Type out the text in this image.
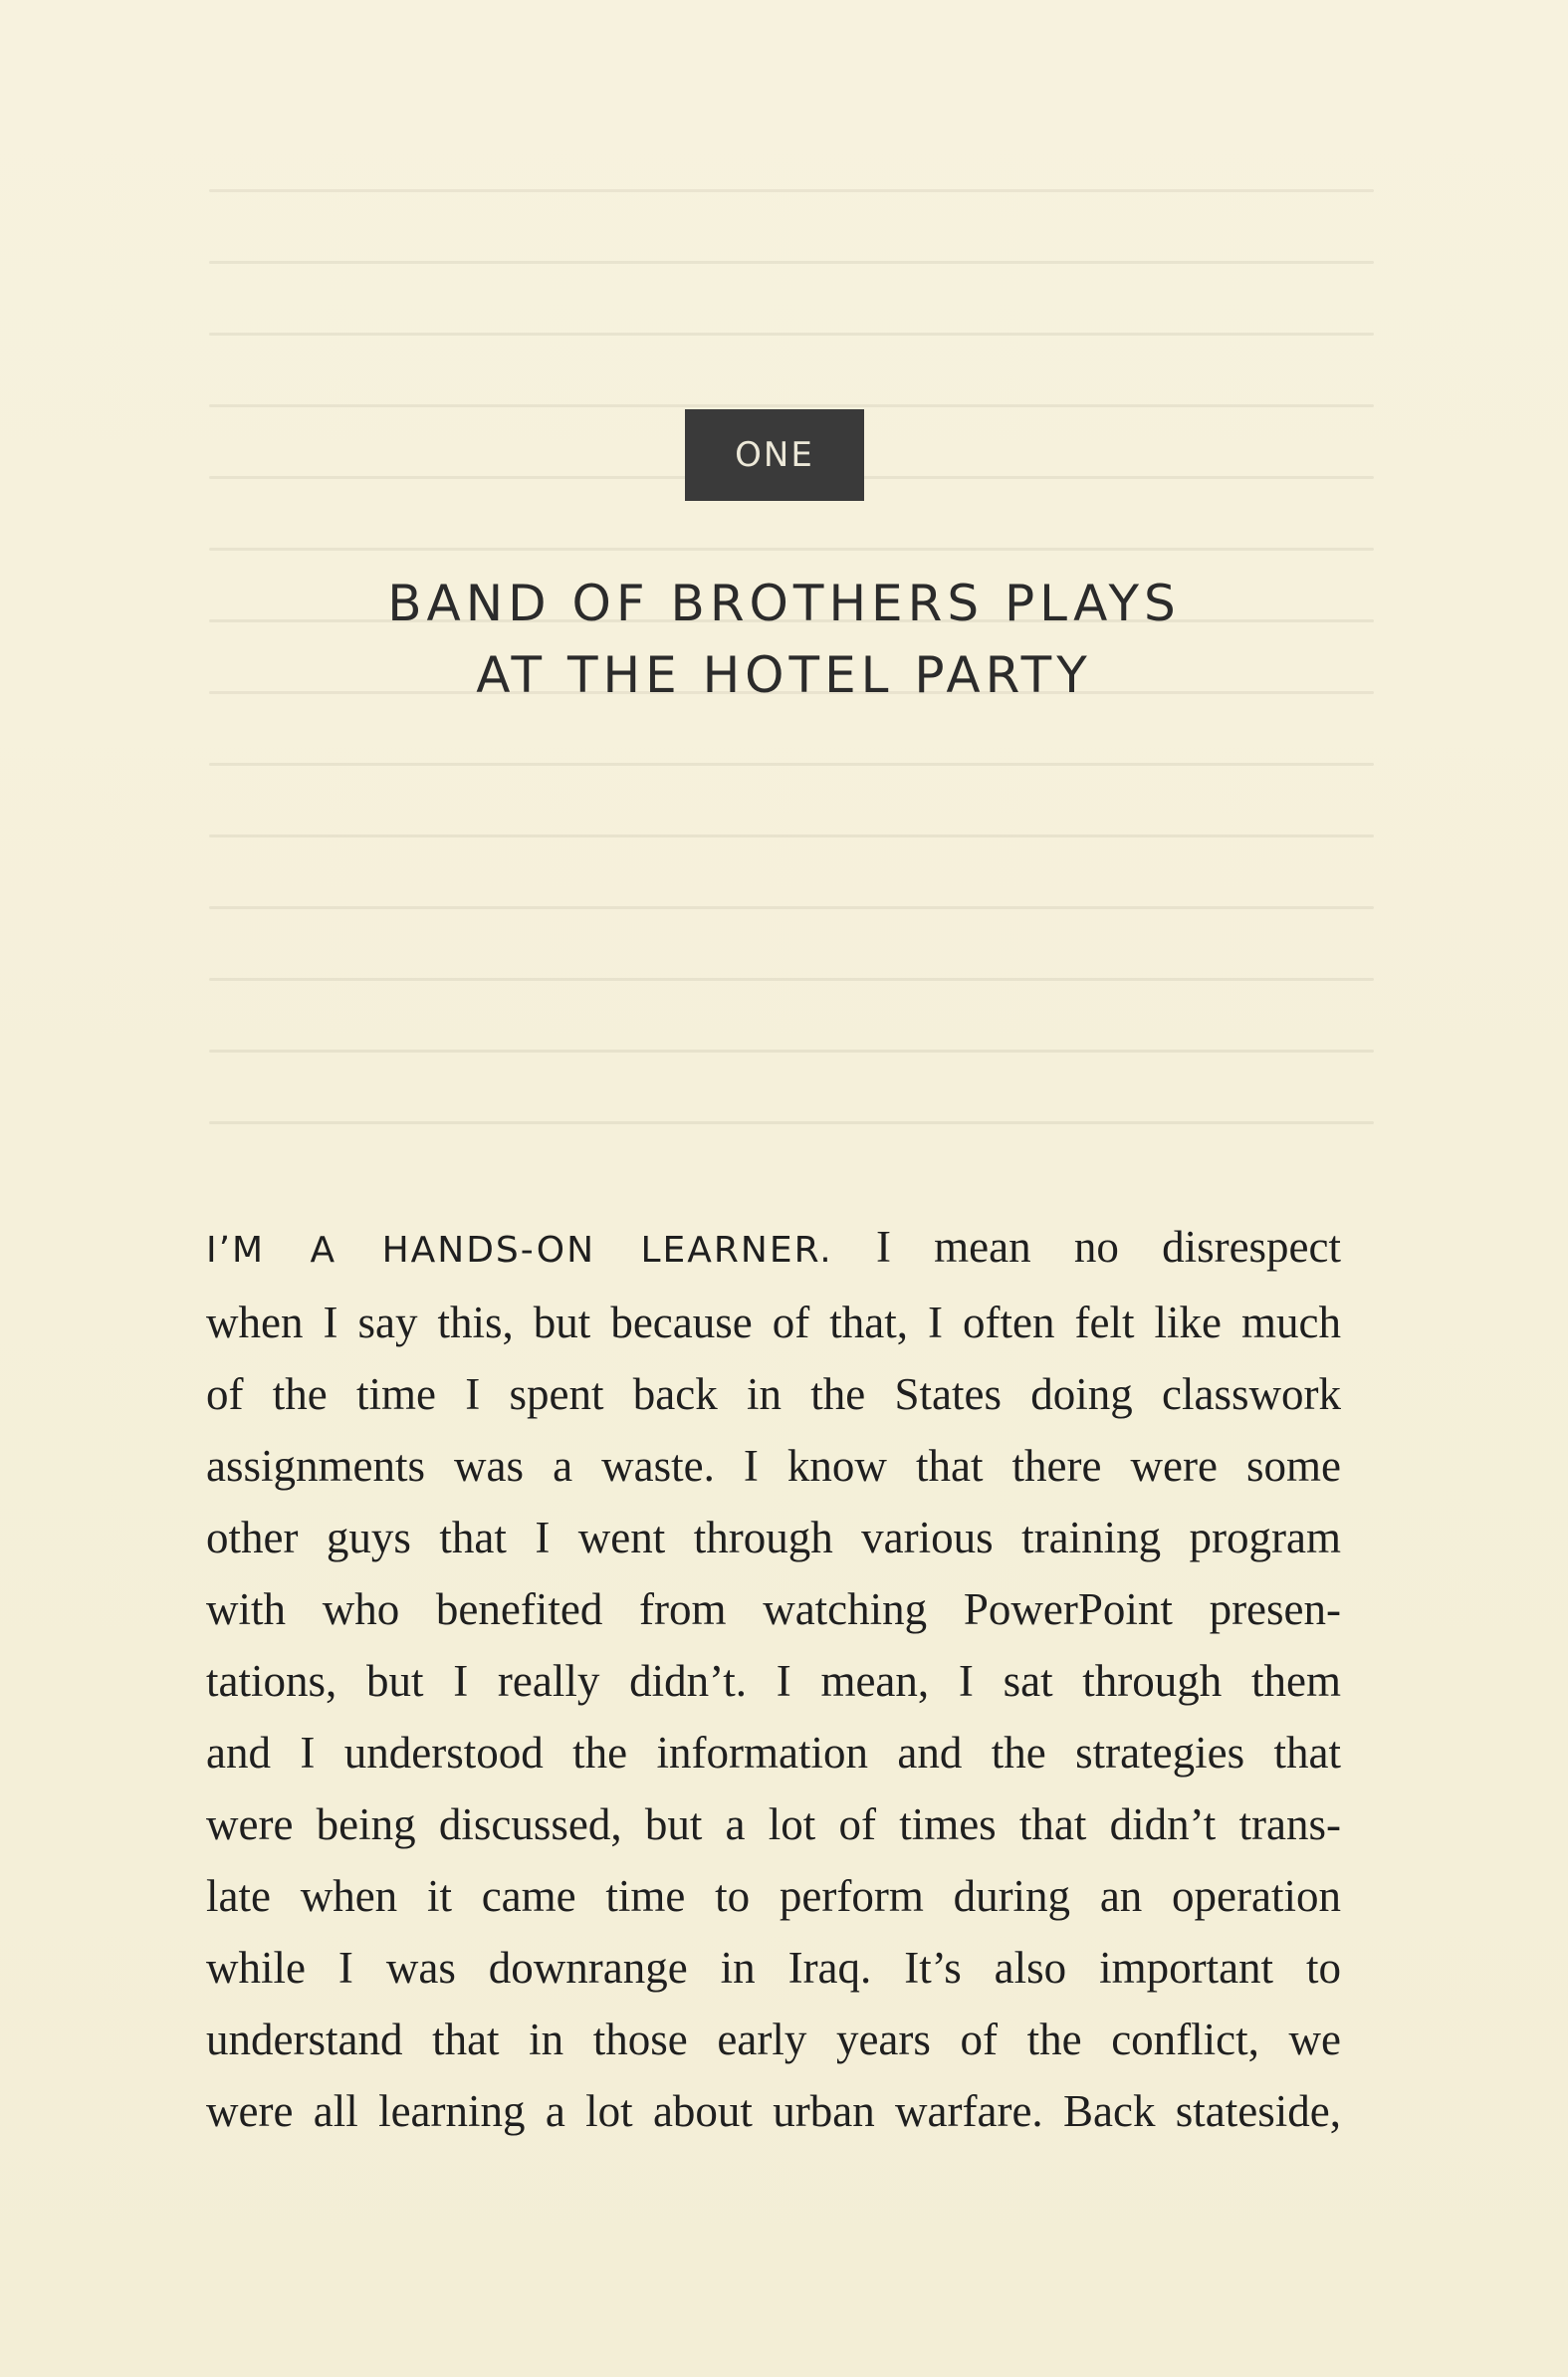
ONE
BAND OF BROTHERS PLAYS
AT THE HOTEL PARTY
I’M A HANDS-ON LEARNER. I mean no disrespect
when I say this, but because of that, I often felt like much
of the time I spent back in the States doing classwork
assignments was a waste. I know that there were some
other guys that I went through various training program
with who benefited from watching PowerPoint presen-
tations, but I really didn’t. I mean, I sat through them
and I understood the information and the strategies that
were being discussed, but a lot of times that didn’t trans-
late when it came time to perform during an operation
while I was downrange in Iraq. It’s also important to
understand that in those early years of the conflict, we
were all learning a lot about urban warfare. Back stateside,
